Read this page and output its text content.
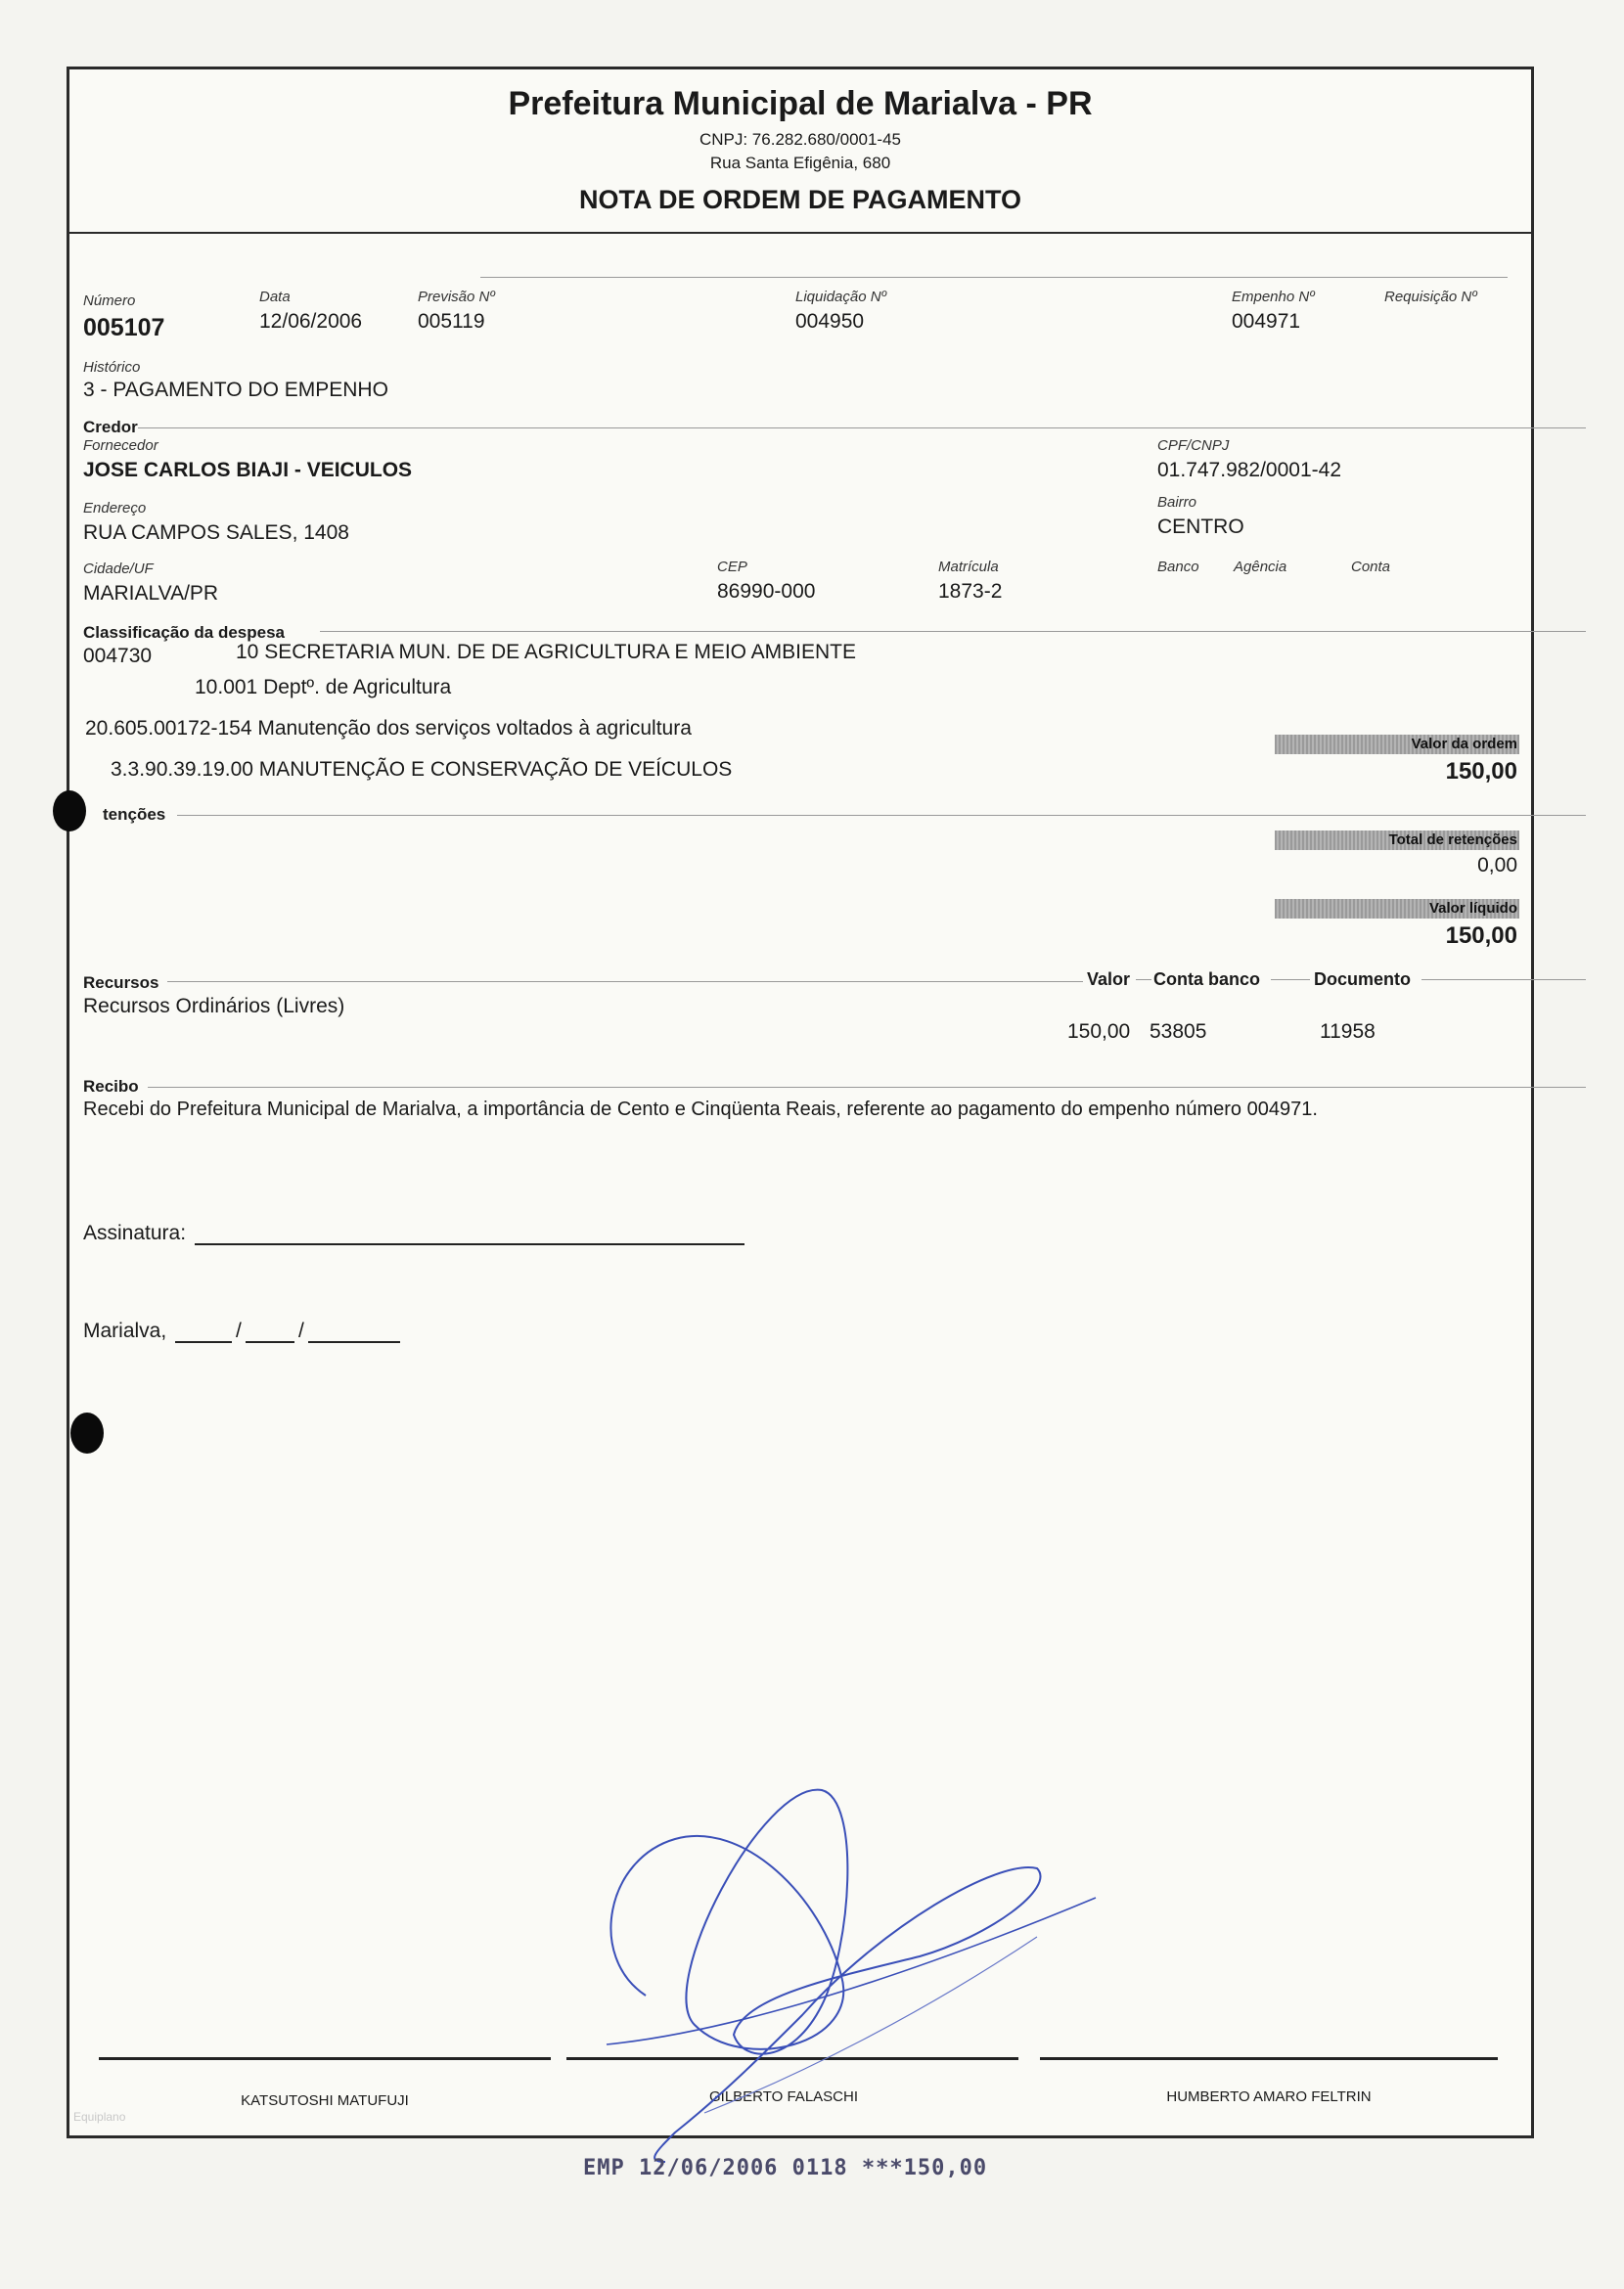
Prefeitura Municipal de Marialva - PR
CNPJ: 76.282.680/0001-45
Rua Santa Efigênia, 680
NOTA DE ORDEM DE PAGAMENTO
Número
005107
Data
12/06/2006
Previsão Nº
005119
Liquidação Nº
004950
Empenho Nº
004971
Requisição Nº
Histórico
3 - PAGAMENTO DO EMPENHO
Credor
Fornecedor
JOSE CARLOS BIAJI - VEICULOS
CPF/CNPJ
01.747.982/0001-42
Endereço
RUA CAMPOS SALES, 1408
Bairro
CENTRO
Cidade/UF
MARIALVA/PR
CEP
86990-000
Matrícula
1873-2
Banco Agência	Conta
Classificação da despesa
004730	10 SECRETARIA MUN. DE DE AGRICULTURA E MEIO AMBIENTE
10.001 Deptº. de Agricultura
20.605.00172-154 Manutenção dos serviços voltados à agricultura
3.3.90.39.19.00 MANUTENÇÃO E CONSERVAÇÃO DE VEÍCULOS
Valor da ordem
150,00
tenções
Total de retenções
0,00
Valor líquido
150,00
Recursos	Valor Conta banco	Documento
Recursos Ordinários (Livres)
150,00 53805	11958
Recibo
Recebi do Prefeitura Municipal de Marialva, a importância de Cento e Cinqüenta Reais, referente ao pagamento do empenho número 004971.
Assinatura:
Marialva,	/	/
KATSUTOSHI MATUFUJI	GILBERTO FALASCHI	HUMBERTO AMARO FELTRIN
Equiplano
EMP 12/06/2006 0118 ***150,00
